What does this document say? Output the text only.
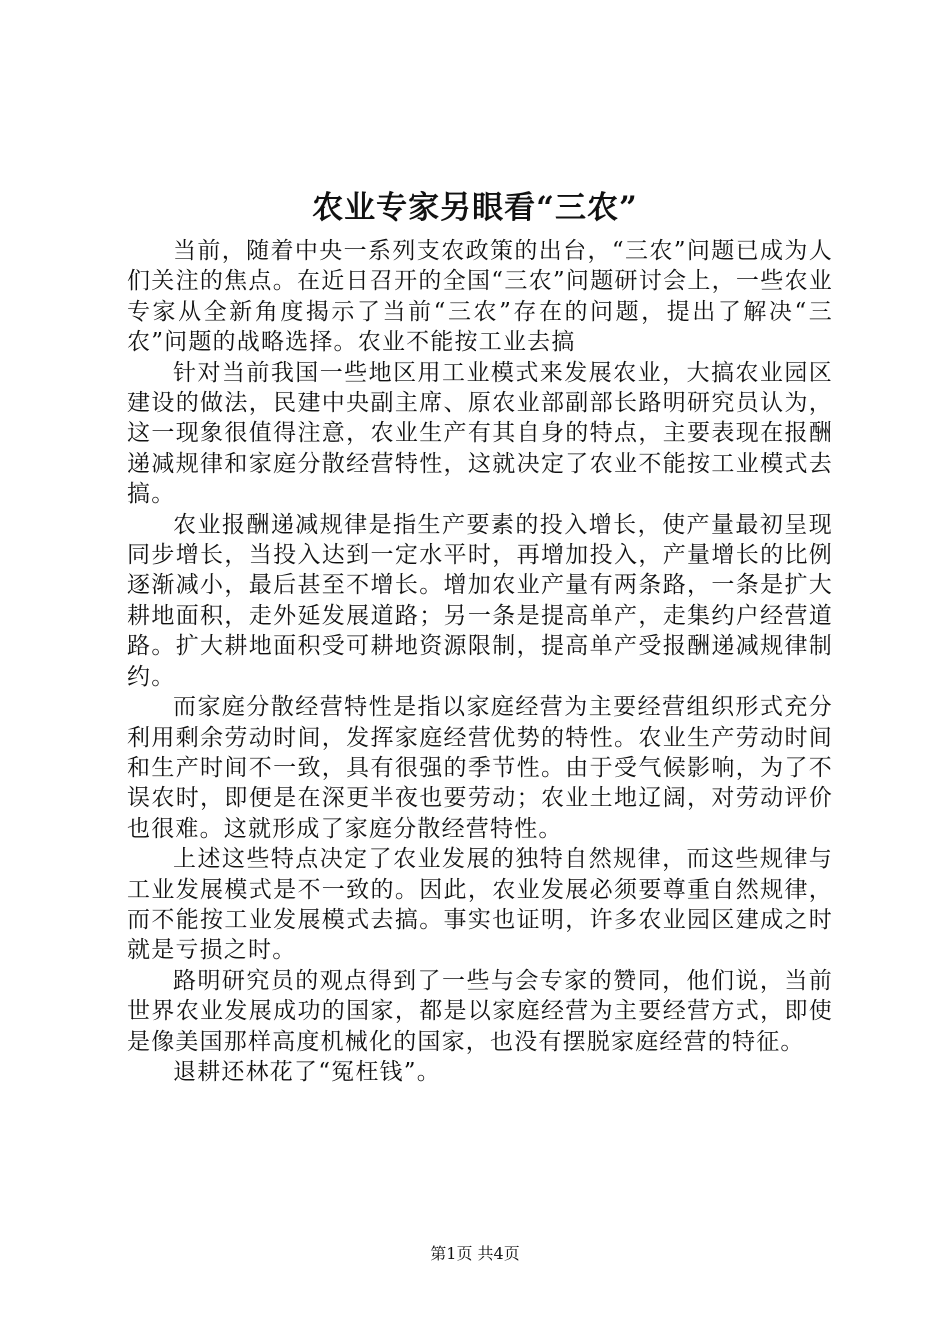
农业专家另眼看“三农”

当前，随着中央一系列支农政策的出台，“三农”问题已成为人们关注的焦点。在近日召开的全国“三农”问题研讨会上，一些农业专家从全新角度揭示了当前“三农”存在的问题，提出了解决“三农”问题的战略选择。农业不能按工业去搞

针对当前我国一些地区用工业模式来发展农业，大搞农业园区建设的做法，民建中央副主席、原农业部副部长路明研究员认为，这一现象很值得注意，农业生产有其自身的特点，主要表现在报酬递减规律和家庭分散经营特性，这就决定了农业不能按工业模式去搞。

农业报酬递减规律是指生产要素的投入增长，使产量最初呈现同步增长，当投入达到一定水平时，再增加投入，产量增长的比例逐渐减小，最后甚至不增长。增加农业产量有两条路，一条是扩大耕地面积，走外延发展道路；另一条是提高单产，走集约户经营道路。扩大耕地面积受可耕地资源限制，提高单产受报酬递减规律制约。

而家庭分散经营特性是指以家庭经营为主要经营组织形式充分利用剩余劳动时间，发挥家庭经营优势的特性。农业生产劳动时间和生产时间不一致，具有很强的季节性。由于受气候影响，为了不误农时，即便是在深更半夜也要劳动；农业土地辽阔，对劳动评价也很难。这就形成了家庭分散经营特性。

上述这些特点决定了农业发展的独特自然规律，而这些规律与工业发展模式是不一致的。因此，农业发展必须要尊重自然规律，而不能按工业发展模式去搞。事实也证明，许多农业园区建成之时就是亏损之时。

路明研究员的观点得到了一些与会专家的赞同，他们说，当前世界农业发展成功的国家，都是以家庭经营为主要经营方式，即使是像美国那样高度机械化的国家，也没有摆脱家庭经营的特征。

退耕还林花了“冤枉钱”。

第1页 共4页
